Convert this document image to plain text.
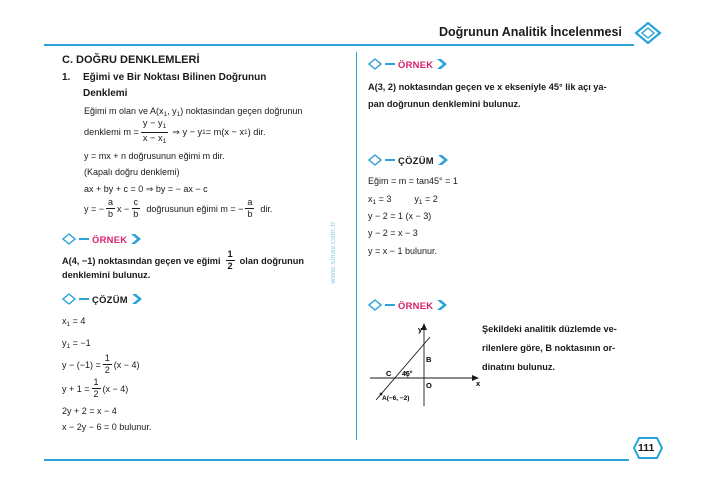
Doğrunun Analitik İncelenmesi
www.sinav.com.tr
C. DOĞRU DENKLEMLERİ
1. Eğimi ve Bir Noktası Bilinen Doğrunun
Denklemi
Eğimi m olan ve $A(x_1$, $y_1$) noktasından geçen doğrunun
denklemi $m = \frac{y - y_1}{x - x_1}$ ⇒ y − y 1 = m(x − x 1 ) dir.
y = mx + n doğrusunun eğimi m dir.
(Kapalı doğru denklemi)
ax + by + c = 0 ⇒ by = − ax − c
y = − $\frac{a}{b}$ $x - \frac{c}{b}$ doğrusunun eğimi m = − $\frac{a}{b}$ dir.
ÖRNEK
A(4, −1) noktasından geçen ve eğimi $\frac{1}{2}$ olan doğrunun
denklemini bulunuz.
ÇÖZÜM
$x_1 = 4$
$y_1 = -1$
$y - (-1) = \frac{1}{2} (x - 4)$
$y + 1 = \frac{1}{2} (x - 4)$
2y + 2 = x − 4
x − 2y − 6 = 0 bulunur.
ÖRNEK
A(3, 2) noktasından geçen ve x ekseniyle 45° lik açı ya-
pan doğrunun denklemini bulunuz.
ÇÖZÜM
Eğim = m = tan45° = 1
$x_1 = 3$	$y_1 = 2$
y − 2 = 1 (x − 3)
y − 2 = x − 3
y = x − 1 bulunur.
ÖRNEK
y
x
B
C 45°
O
A(−6, −2)
Şekildeki analitik düzlemde ve-
rilenlere göre, B noktasının or-
dinatını bulunuz.
111
